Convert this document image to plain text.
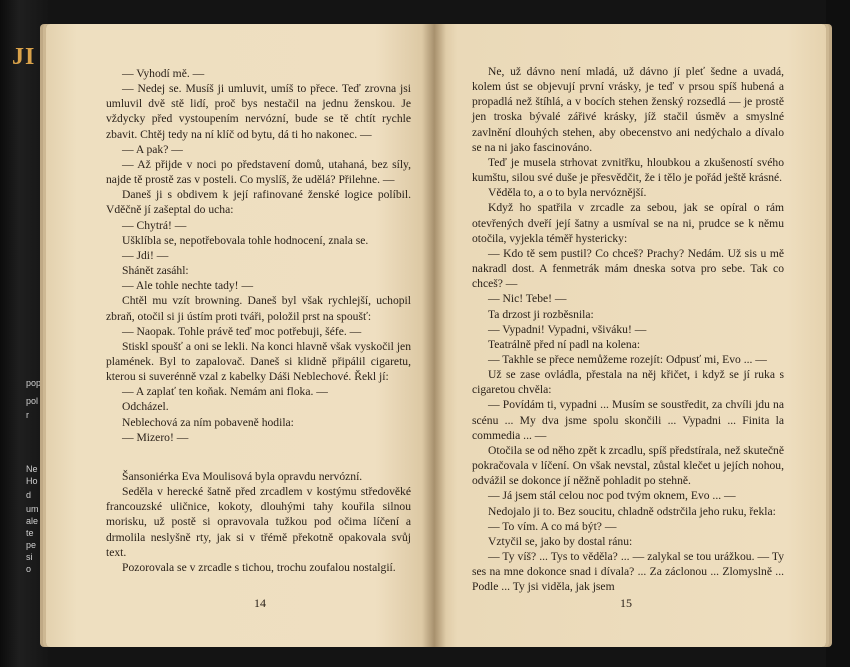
JI
pop
pol
r
Ne
Ho
d
um
ale
te
pe
si
o

— Vyhodí mě. —

— Nedej se. Musíš ji umluvit, umíš to přece. Teď zrovna jsi umluvil dvě stě lidí, proč bys nestačil na jednu ženskou. Je vždycky před vystoupením nervózní, bude se tě chtít rychle zbavit. Chtěj tedy na ní klíč od bytu, dá ti ho nakonec. —

— A pak? —

— Až přijde v noci po představení domů, utahaná, bez síly, najde tě prostě zas v posteli. Co myslíš, že udělá? Přilehne. —

Daneš ji s obdivem k její rafinované ženské logice políbil. Vděčně jí zašeptal do ucha:

— Chytrá! —

Ušklíbla se, nepotřebovala tohle hodnocení, znala se.

— Jdi! —

Shánět zasáhl:

— Ale tohle nechte tady! —

Chtěl mu vzít browning. Daneš byl však rychlejší, uchopil zbraň, otočil si ji ústím proti tváři, položil prst na spoušť:

— Naopak. Tohle právě teď moc potřebuji, šéfe. —

Stiskl spoušť a oni se lekli. Na konci hlavně však vyskočil jen plamének. Byl to zapalovač. Daneš si klidně připálil cigaretu, kterou si suverénně vzal z kabelky Dáši Neblechové. Řekl jí:

— A zaplať ten koňak. Nemám ani floka. —

Odcházel.

Neblechová za ním pobaveně hodila:

— Mizero! —

Šansoniérka Eva Moulisová byla opravdu nervózní.

Seděla v herecké šatně před zrcadlem v kostýmu středověké francouzské uličnice, kokoty, dlouhými tahy kouřila silnou morisku, už postě si opravovala tužkou pod očima líčení a drmolila neslyšně rty, jak si v třémě překotně opakovala svůj text.

Pozorovala se v zrcadle s tichou, trochu zoufalou nostalgií.

14

Ne, už dávno není mladá, už dávno jí pleť šedne a uvadá, kolem úst se objevují první vrásky, je teď v prsou spíš hubená a propadlá než štíhlá, a v bocích stehen ženský rozsedlá — je prostě jen troska bývalé zářivé krásky, jíž stačil úsměv a smyslné zavlnění dlouhých stehen, aby obecenstvo ani nedýchalo a dívalo se na ni jako fascinováno.

Teď je musela strhovat zvnitřku, hloubkou a zkušeností svého kumštu, silou své duše je přesvědčit, že i tělo je pořád ještě krásné.

Věděla to, a o to byla nervóznější.

Když ho spatřila v zrcadle za sebou, jak se opíral o rám otevřených dveří její šatny a usmíval se na ni, prudce se k němu otočila, vyjekla téměř hystericky:

— Kdo tě sem pustil? Co chceš? Prachy? Nedám. Už sis u mě nakradl dost. A fenmetrák mám dneska sotva pro sebe. Tak co chceš? —

— Nic! Tebe! —

Ta drzost ji rozběsnila:

— Vypadni! Vypadni, všiváku! —

Teatrálně před ní padl na kolena:

— Takhle se přece nemůžeme rozejít: Odpusť mi, Evo ... —

Už se zase ovládla, přestala na něj křičet, i když se jí ruka s cigaretou chvěla:

— Povídám ti, vypadni ... Musím se soustředit, za chvíli jdu na scénu ... My dva jsme spolu skončili ... Vypadni ... Finita la commedia ... —

Otočila se od něho zpět k zrcadlu, spíš předstírala, než skutečně pokračovala v líčení. On však nevstal, zůstal klečet u jejích nohou, odvážil se dokonce jí něžně pohladit po stehně.

— Já jsem stál celou noc pod tvým oknem, Evo ... —

Nedojalo ji to. Bez soucitu, chladně odstrčila jeho ruku, řekla:

— To vím. A co má být? —

Vztyčil se, jako by dostal ránu:

— Ty víš? ... Tys to věděla? ... — zalykal se tou urážkou. — Ty ses na mne dokonce snad i dívala? ... Za záclonou ... Zlomyslně ... Podle ... Ty jsi viděla, jak jsem

15
